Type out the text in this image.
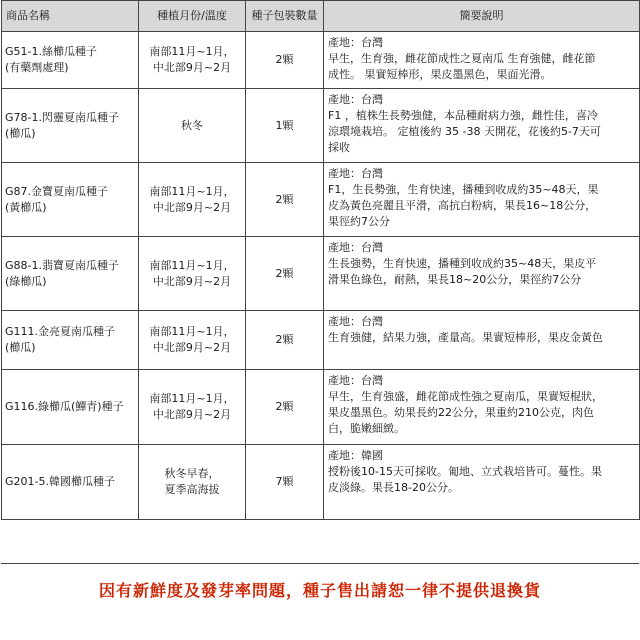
商品名稱	種植月份/溫度	種子包裝數量	簡要說明

G51-1.絲櫛瓜種子
(有藥劑處理)	南部11月~1月，
中北部9月~2月	2顆	產地：台灣
早生，生育強，雌花節成性之夏南瓜 生育強健，雌花節
成性。 果實短棒形，果皮墨黑色，果面光滑。

G78-1.閃靈夏南瓜種子
(櫛瓜)	秋冬	1顆	產地：台灣
F1 ，植株生長勢強健，本品種耐病力強，雌性佳，喜冷
涼環境栽培。 定植後約 35 -38 天開花，花後約5-7天可
採收

G87.金寶夏南瓜種子
(黃櫛瓜)	南部11月~1月，
中北部9月~2月	2顆	產地：台灣
F1，生長勢強，生育快速，播種到收成約35~48天，果
皮為黃色亮麗且平滑，高抗白粉病，果長16~18公分，
果徑約7公分

G88-1.翡寶夏南瓜種子
(綠櫛瓜)	南部11月~1月，
中北部9月~2月	2顆	產地：台灣
生長強勢，生育快速，播種到收成約35~48天，果皮平
滑果色綠色，耐熱，果長18~20公分，果徑約7公分

G111.金亮夏南瓜種子
(櫛瓜)	南部11月~1月，
中北部9月~2月	2顆	產地：台灣
生育強健，結果力強，產量高。果實短棒形，果皮金黃色

G116.綠櫛瓜(鱓青)種子	南部11月~1月，
中北部9月~2月	2顆	產地：台灣
早生，生育強盛，雌花節成性強之夏南瓜，果實短棍狀，
果皮墨黑色。幼果長約22公分，果重約210公克，肉色
白，脆嫩細緻。

G201-5.韓國櫛瓜種子	秋冬早春，
夏季高海拔	7顆	產地：韓國
授粉後10-15天可採收。匍地、立式栽培皆可。蔓性。果
皮淡綠。果長18-20公分。
因有新鮮度及發芽率問題，種子售出請恕一律不提供退換貨
